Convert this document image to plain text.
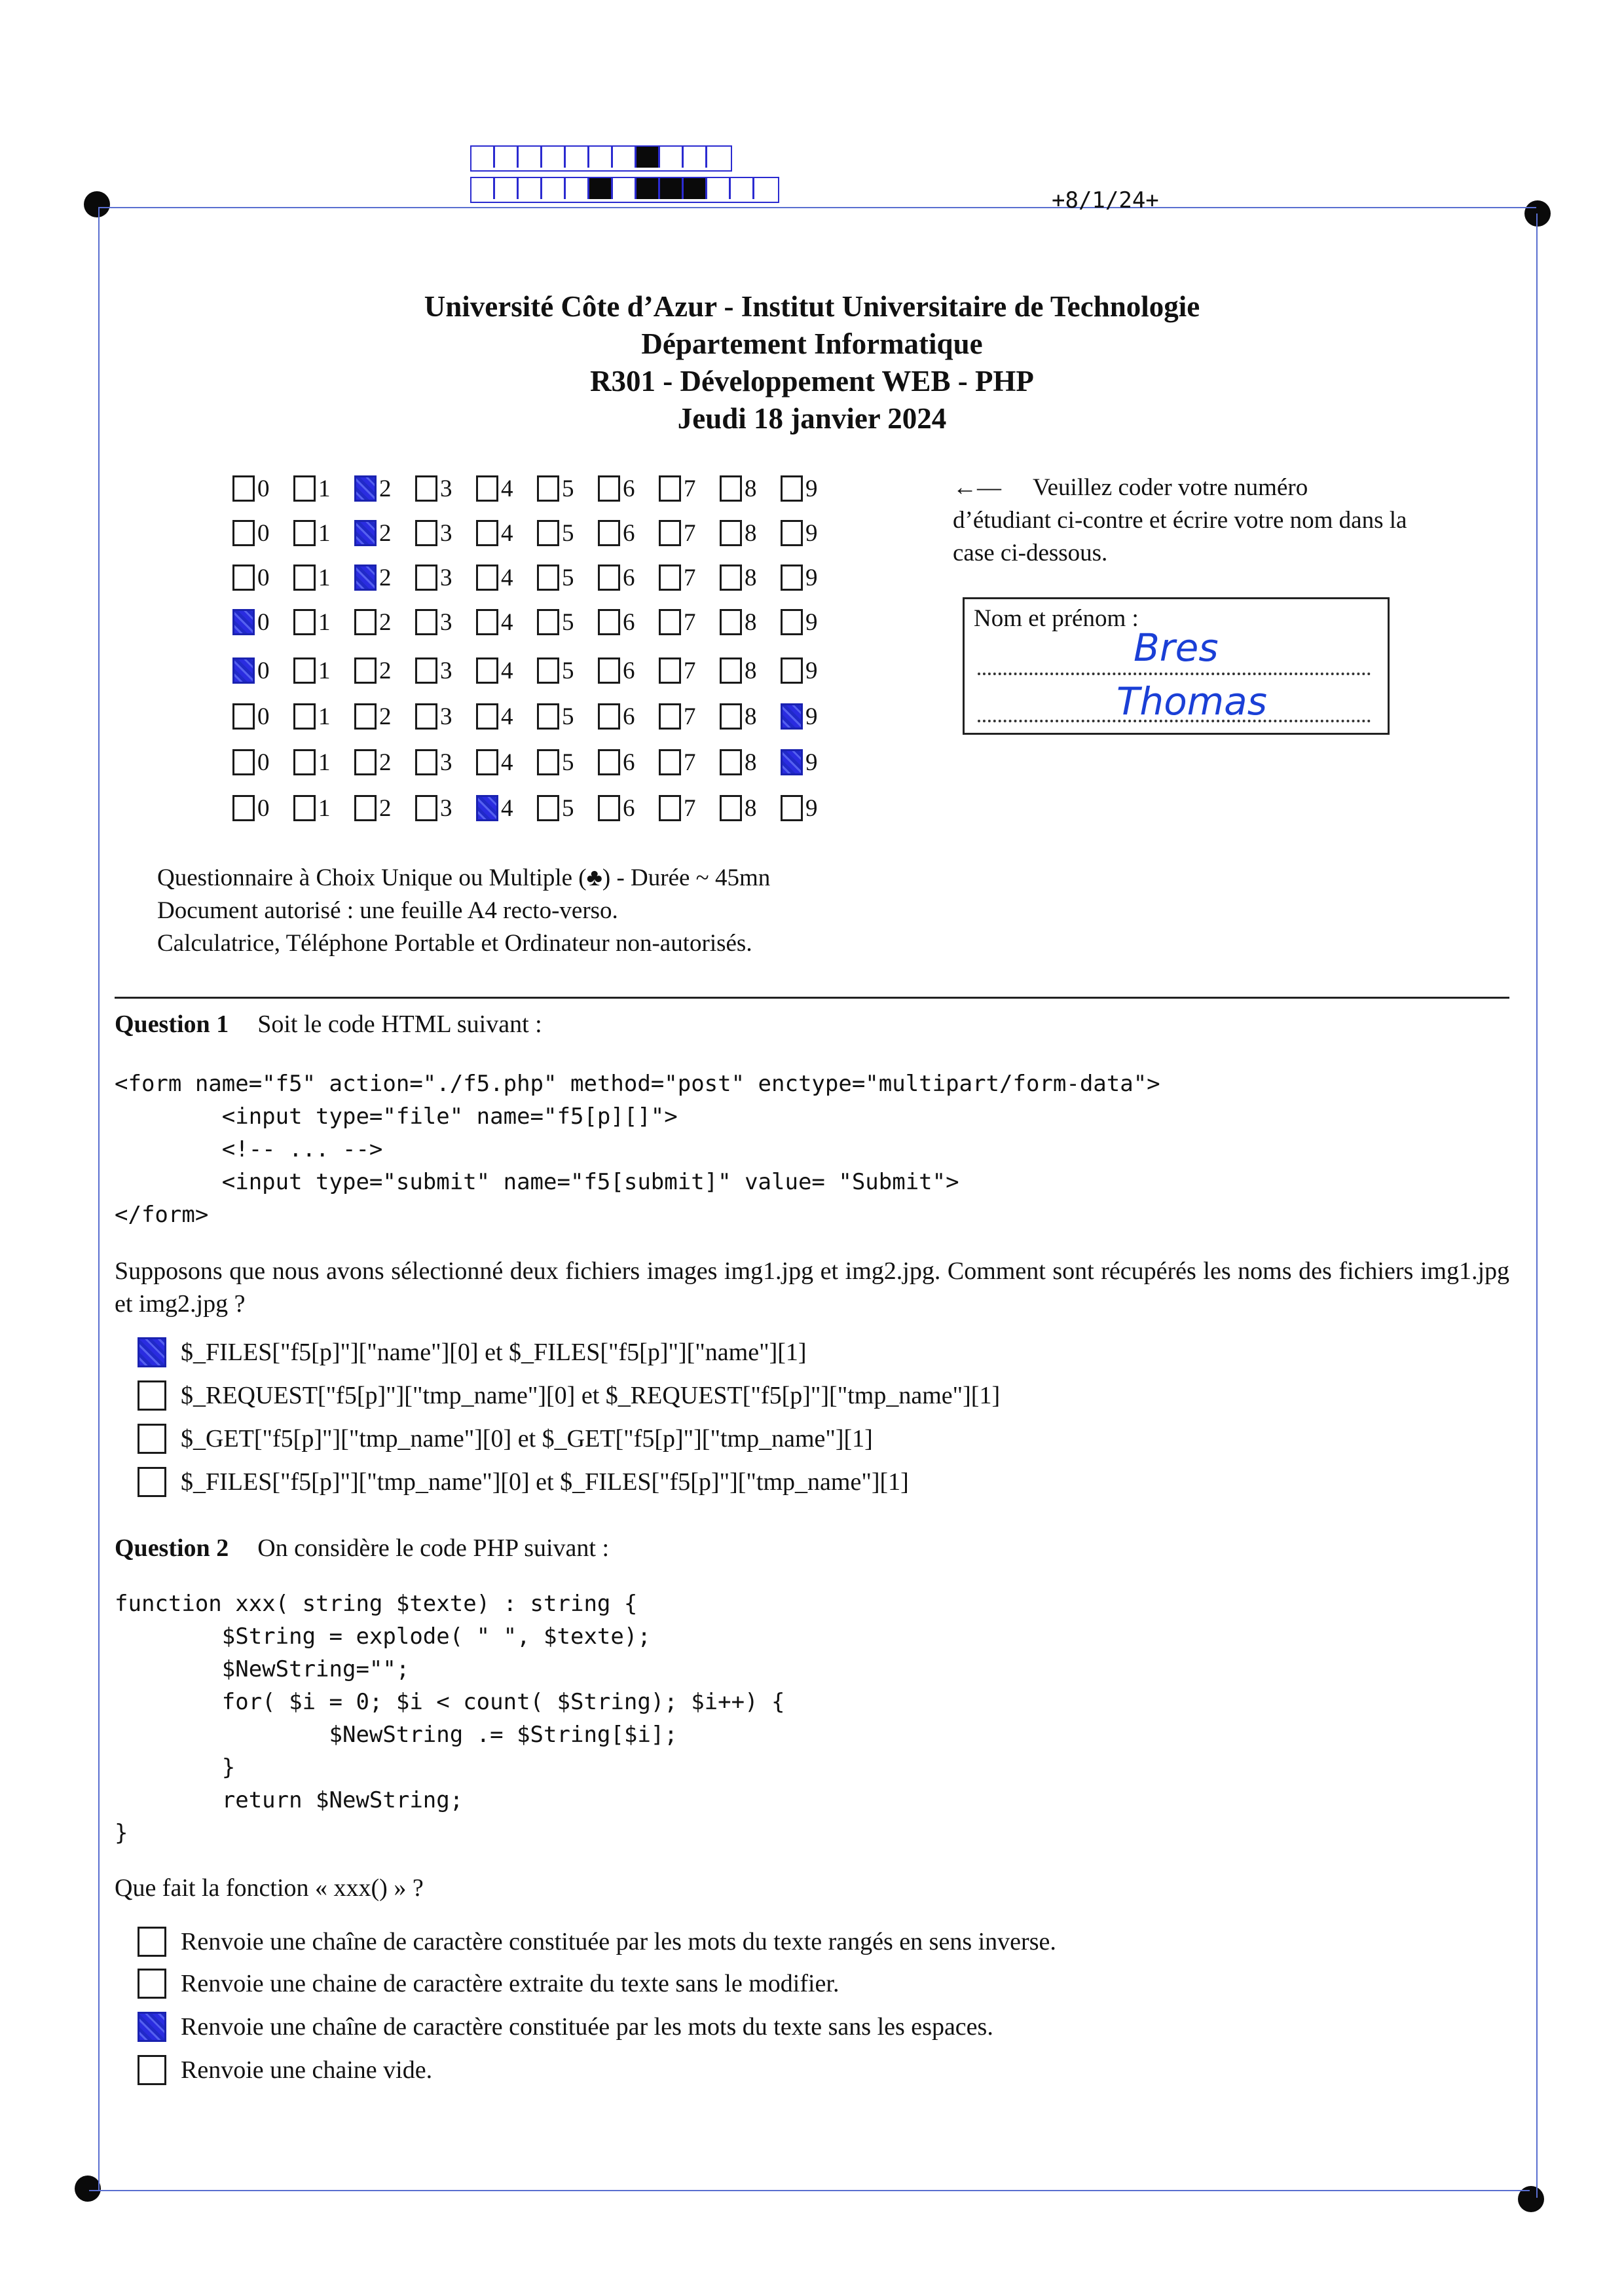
+8/1/24+
Université Côte d’Azur - Institut Universitaire de Technologie
Département Informatique
R301 - Développement WEB - PHP
Jeudi 18 janvier 2024
0 1 2 3 4 5 6 7 8 9
0 1 2 3 4 5 6 7 8 9
0 1 2 3 4 5 6 7 8 9
0 1 2 3 4 5 6 7 8 9
0 1 2 3 4 5 6 7 8 9
0 1 2 3 4 5 6 7 8 9
0 1 2 3 4 5 6 7 8 9
0 1 2 3 4 5 6 7 8 9
←— Veuillez coder votre numéro d’étudiant ci-contre et écrire votre nom dans la case ci-dessous.
Nom et prénom :
Bres
Thomas
Questionnaire à Choix Unique ou Multiple (♣) - Durée ~ 45mn
Document autorisé : une feuille A4 recto-verso.
Calculatrice, Téléphone Portable et Ordinateur non-autorisés.
Question 1 Soit le code HTML suivant :
<form name="f5" action="./f5.php" method="post" enctype="multipart/form-data">
<input type="file" name="f5[p][]">
<!-- ... -->
<input type="submit" name="f5[submit]" value= "Submit">
</form>
Supposons que nous avons sélectionné deux fichiers images img1.jpg et img2.jpg. Comment sont récupérés les noms des fichiers img1.jpg et img2.jpg ?
$_FILES["f5[p]"]["name"][0] et $_FILES["f5[p]"]["name"][1]
$_REQUEST["f5[p]"]["tmp_name"][0] et $_REQUEST["f5[p]"]["tmp_name"][1]
$_GET["f5[p]"]["tmp_name"][0] et $_GET["f5[p]"]["tmp_name"][1]
$_FILES["f5[p]"]["tmp_name"][0] et $_FILES["f5[p]"]["tmp_name"][1]
Question 2 On considère le code PHP suivant :
function xxx( string $texte) : string {
$String = explode( " ", $texte);
$NewString="";
for( $i = 0; $i < count( $String); $i++) {
$NewString .= $String[$i];
}
return $NewString;
}
Que fait la fonction « xxx() » ?
Renvoie une chaîne de caractère constituée par les mots du texte rangés en sens inverse.
Renvoie une chaine de caractère extraite du texte sans le modifier.
Renvoie une chaîne de caractère constituée par les mots du texte sans les espaces.
Renvoie une chaine vide.
